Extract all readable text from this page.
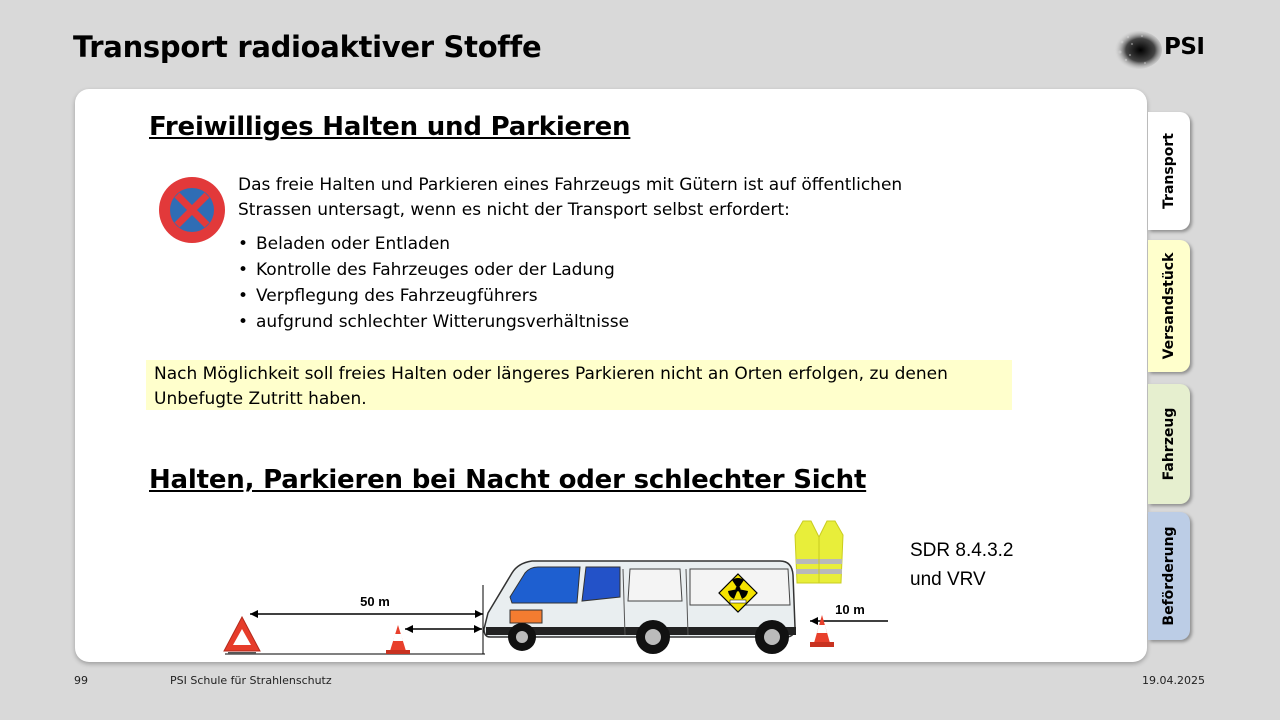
Transport radioaktiver Stoffe	PSI
Freiwilliges Halten und Parkieren
Das freie Halten und Parkieren eines Fahrzeugs mit Gütern ist auf öffentlichen
Strassen untersagt, wenn es nicht der Transport selbst erfordert:
• Beladen oder Entladen
• Kontrolle des Fahrzeuges oder der Ladung
• Verpflegung des Fahrzeugführers
• aufgrund schlechter Witterungsverhältnisse
Nach Möglichkeit soll freies Halten oder längeres Parkieren nicht an Orten erfolgen, zu denen
Unbefugte Zutritt haben.
Halten, Parkieren bei Nacht oder schlechter Sicht
50 m
10 m
SDR 8.4.3.2
und VRV
Transport
Versandstück
Fahrzeug
Beförderung
99	PSI Schule für Strahlenschutz	19.04.2025
